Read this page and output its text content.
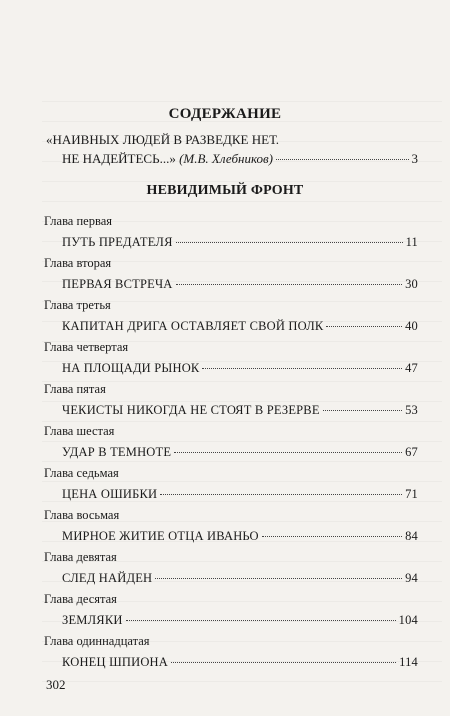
СОДЕРЖАНИЕ
«НАИВНЫХ ЛЮДЕЙ В РАЗВЕДКЕ НЕТ.
НЕ НАДЕЙТЕСЬ...»
(М.В. Хлебников)	3
НЕВИДИМЫЙ ФРОНТ
Глава первая
ПУТЬ ПРЕДАТЕЛЯ	11
Глава вторая
ПЕРВАЯ ВСТРЕЧА	30
Глава третья
КАПИТАН ДРИГА ОСТАВЛЯЕТ СВОЙ ПОЛК	40
Глава четвертая
НА ПЛОЩАДИ РЫНОК	47
Глава пятая
ЧЕКИСТЫ НИКОГДА НЕ СТОЯТ В РЕЗЕРВЕ	53
Глава шестая
УДАР В ТЕМНОТЕ	67
Глава седьмая
ЦЕНА ОШИБКИ	71
Глава восьмая
МИРНОЕ ЖИТИЕ ОТЦА ИВАНЬО	84
Глава девятая
СЛЕД НАЙДЕН	94
Глава десятая
ЗЕМЛЯКИ	104
Глава одиннадцатая
КОНЕЦ ШПИОНА	114
302
